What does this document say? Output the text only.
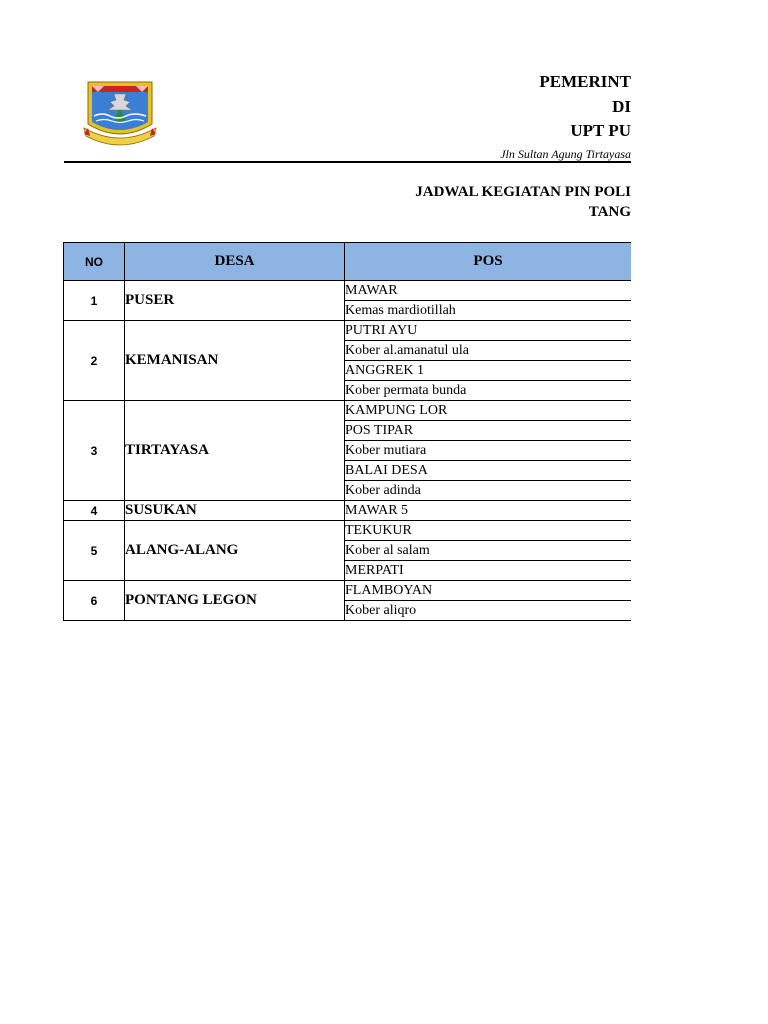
PEMERINT
DI
UPT PU
Jln Sultan Agung Tirtayasa
JADWAL KEGIATAN PIN POLI
TANG
NO	DESA	POS
1	PUSER	MAWAR
		Kemas mardiotillah
2	KEMANISAN	PUTRI AYU
		Kober al.amanatul ula
		ANGGREK 1
		Kober permata bunda
3	TIRTAYASA	KAMPUNG LOR
		POS TIPAR
		Kober mutiara
		BALAI DESA
		Kober adinda
4	SUSUKAN	MAWAR 5
5	ALANG-ALANG	TEKUKUR
		Kober al salam
		MERPATI
6	PONTANG LEGON	FLAMBOYAN
		Kober aliqro
